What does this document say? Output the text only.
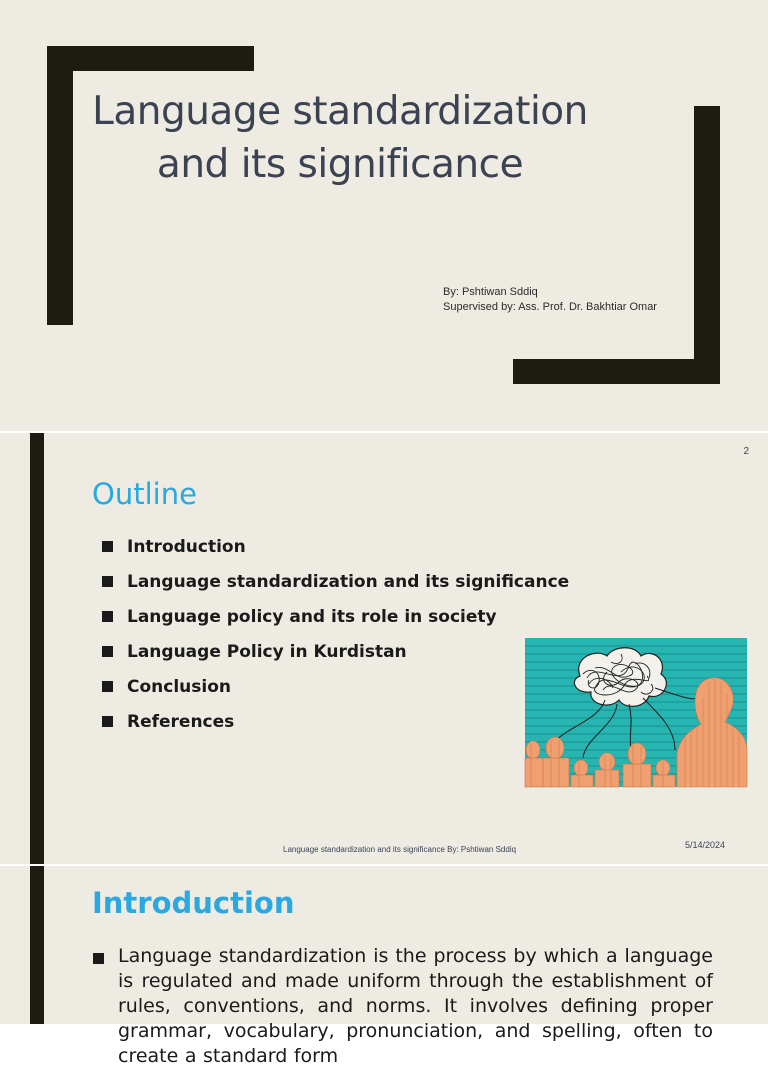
Language standardization and its significance
By: Pshtiwan Sddiq
Supervised by: Ass. Prof. Dr. Bakhtiar Omar
2
Outline
Introduction
Language standardization and its significance
Language policy and its role in society
Language Policy in Kurdistan
Conclusion
References
Language standardization and its significance By: Pshtiwan Sddiq	5/14/2024
Introduction
Language standardization is the process by which a language is regulated and made uniform through the establishment of rules, conventions, and norms. It involves defining proper grammar, vocabulary, pronunciation, and spelling, often to create a standard form
